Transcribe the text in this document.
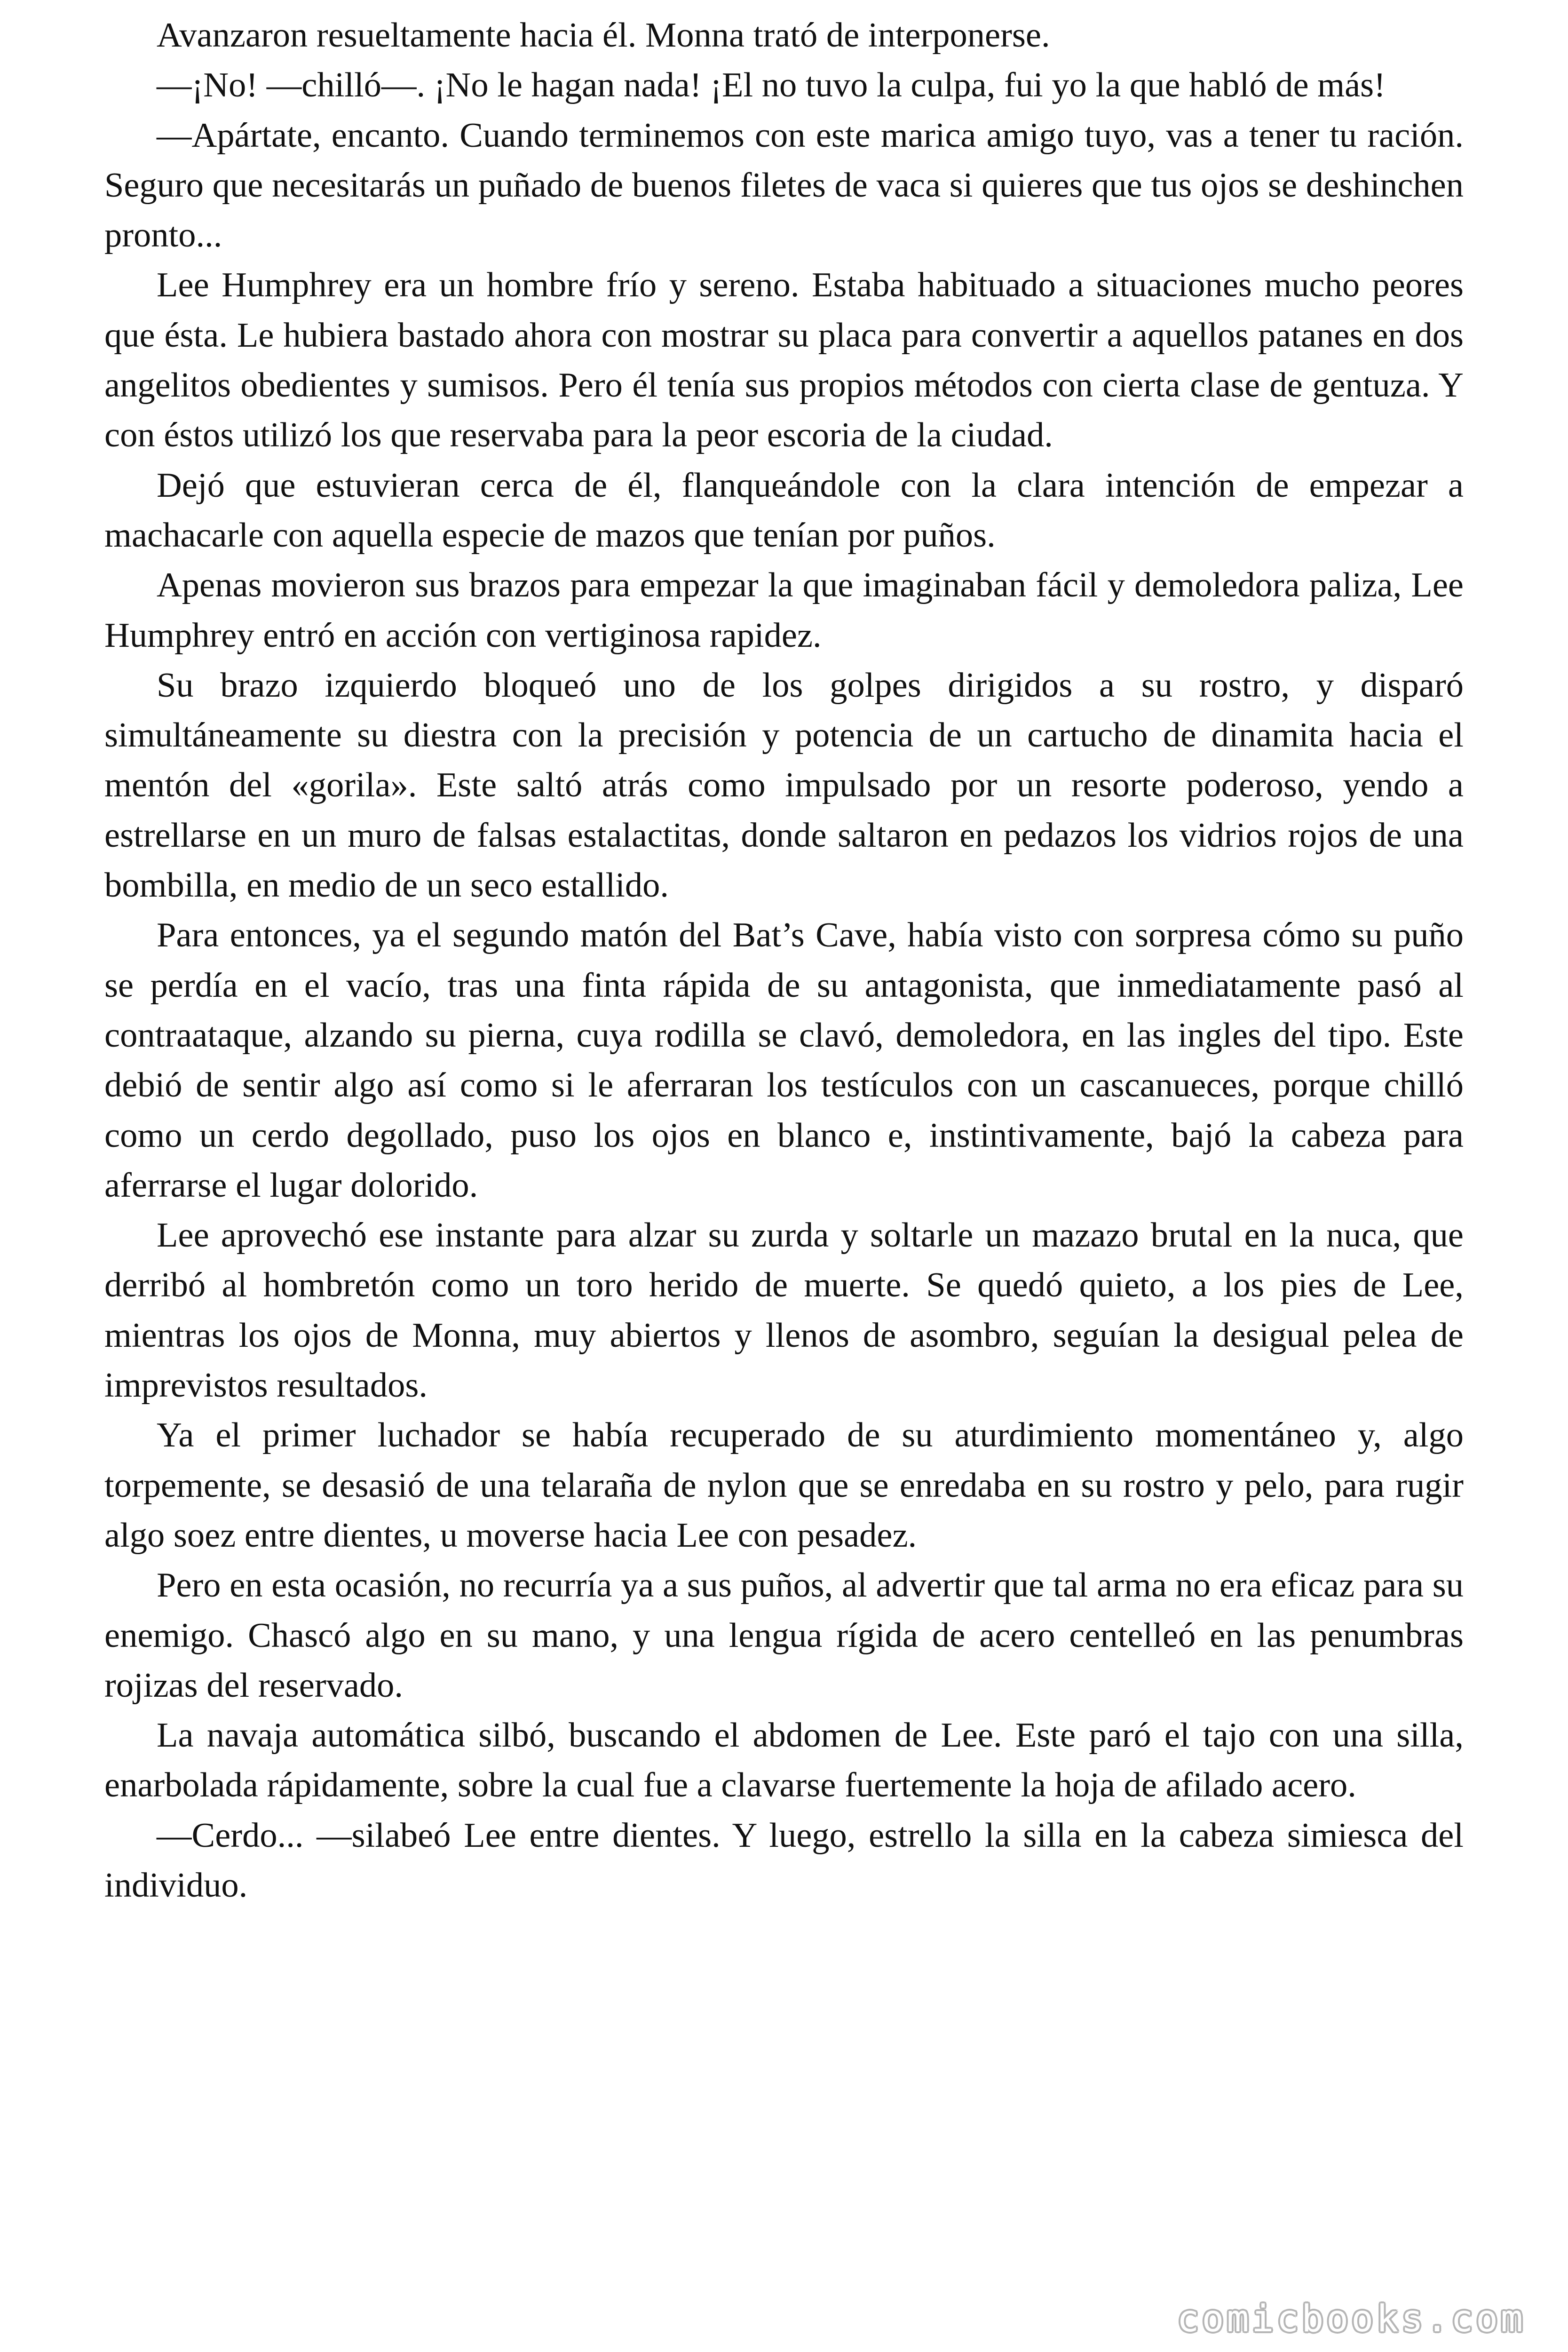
Avanzaron resueltamente hacia él. Monna trató de interponerse.

—¡No! —chilló—. ¡No le hagan nada! ¡El no tuvo la culpa, fui yo la que habló de más!

—Apártate, encanto. Cuando terminemos con este marica amigo tuyo, vas a tener tu ración. Seguro que necesitarás un puñado de buenos filetes de vaca si quieres que tus ojos se deshinchen pronto...

Lee Humphrey era un hombre frío y sereno. Estaba habituado a situaciones mucho peores que ésta. Le hubiera bastado ahora con mostrar su placa para convertir a aquellos patanes en dos angelitos obedientes y sumisos. Pero él tenía sus propios métodos con cierta clase de gentuza. Y con éstos utilizó los que reservaba para la peor escoria de la ciudad.

Dejó que estuvieran cerca de él, flanqueándole con la clara intención de empezar a machacarle con aquella especie de mazos que tenían por puños.

Apenas movieron sus brazos para empezar la que imaginaban fácil y demoledora paliza, Lee Humphrey entró en acción con vertiginosa rapidez.

Su brazo izquierdo bloqueó uno de los golpes dirigidos a su rostro, y disparó simultáneamente su diestra con la precisión y potencia de un cartucho de dinamita hacia el mentón del «gorila». Este saltó atrás como impulsado por un resorte poderoso, yendo a estrellarse en un muro de falsas estalactitas, donde saltaron en pedazos los vidrios rojos de una bombilla, en medio de un seco estallido.

Para entonces, ya el segundo matón del Bat’s Cave, había visto con sorpresa cómo su puño se perdía en el vacío, tras una finta rápida de su antagonista, que inmediatamente pasó al contraataque, alzando su pierna, cuya rodilla se clavó, demoledora, en las ingles del tipo. Este debió de sentir algo así como si le aferraran los testículos con un cascanueces, porque chilló como un cerdo degollado, puso los ojos en blanco e, instintivamente, bajó la cabeza para aferrarse el lugar dolorido.

Lee aprovechó ese instante para alzar su zurda y soltarle un mazazo brutal en la nuca, que derribó al hombretón como un toro herido de muerte. Se quedó quieto, a los pies de Lee, mientras los ojos de Monna, muy abiertos y llenos de asombro, seguían la desigual pelea de imprevistos resultados.

Ya el primer luchador se había recuperado de su aturdimiento momentáneo y, algo torpemente, se desasió de una telaraña de nylon que se enredaba en su rostro y pelo, para rugir algo soez entre dientes, u moverse hacia Lee con pesadez.

Pero en esta ocasión, no recurría ya a sus puños, al advertir que tal arma no era eficaz para su enemigo. Chascó algo en su mano, y una lengua rígida de acero centelleó en las penumbras rojizas del reservado.

La navaja automática silbó, buscando el abdomen de Lee. Este paró el tajo con una silla, enarbolada rápidamente, sobre la cual fue a clavarse fuertemente la hoja de afilado acero.

—Cerdo... —silabeó Lee entre dientes. Y luego, estrello la silla en la cabeza simiesca del individuo.

comicbooks.com
